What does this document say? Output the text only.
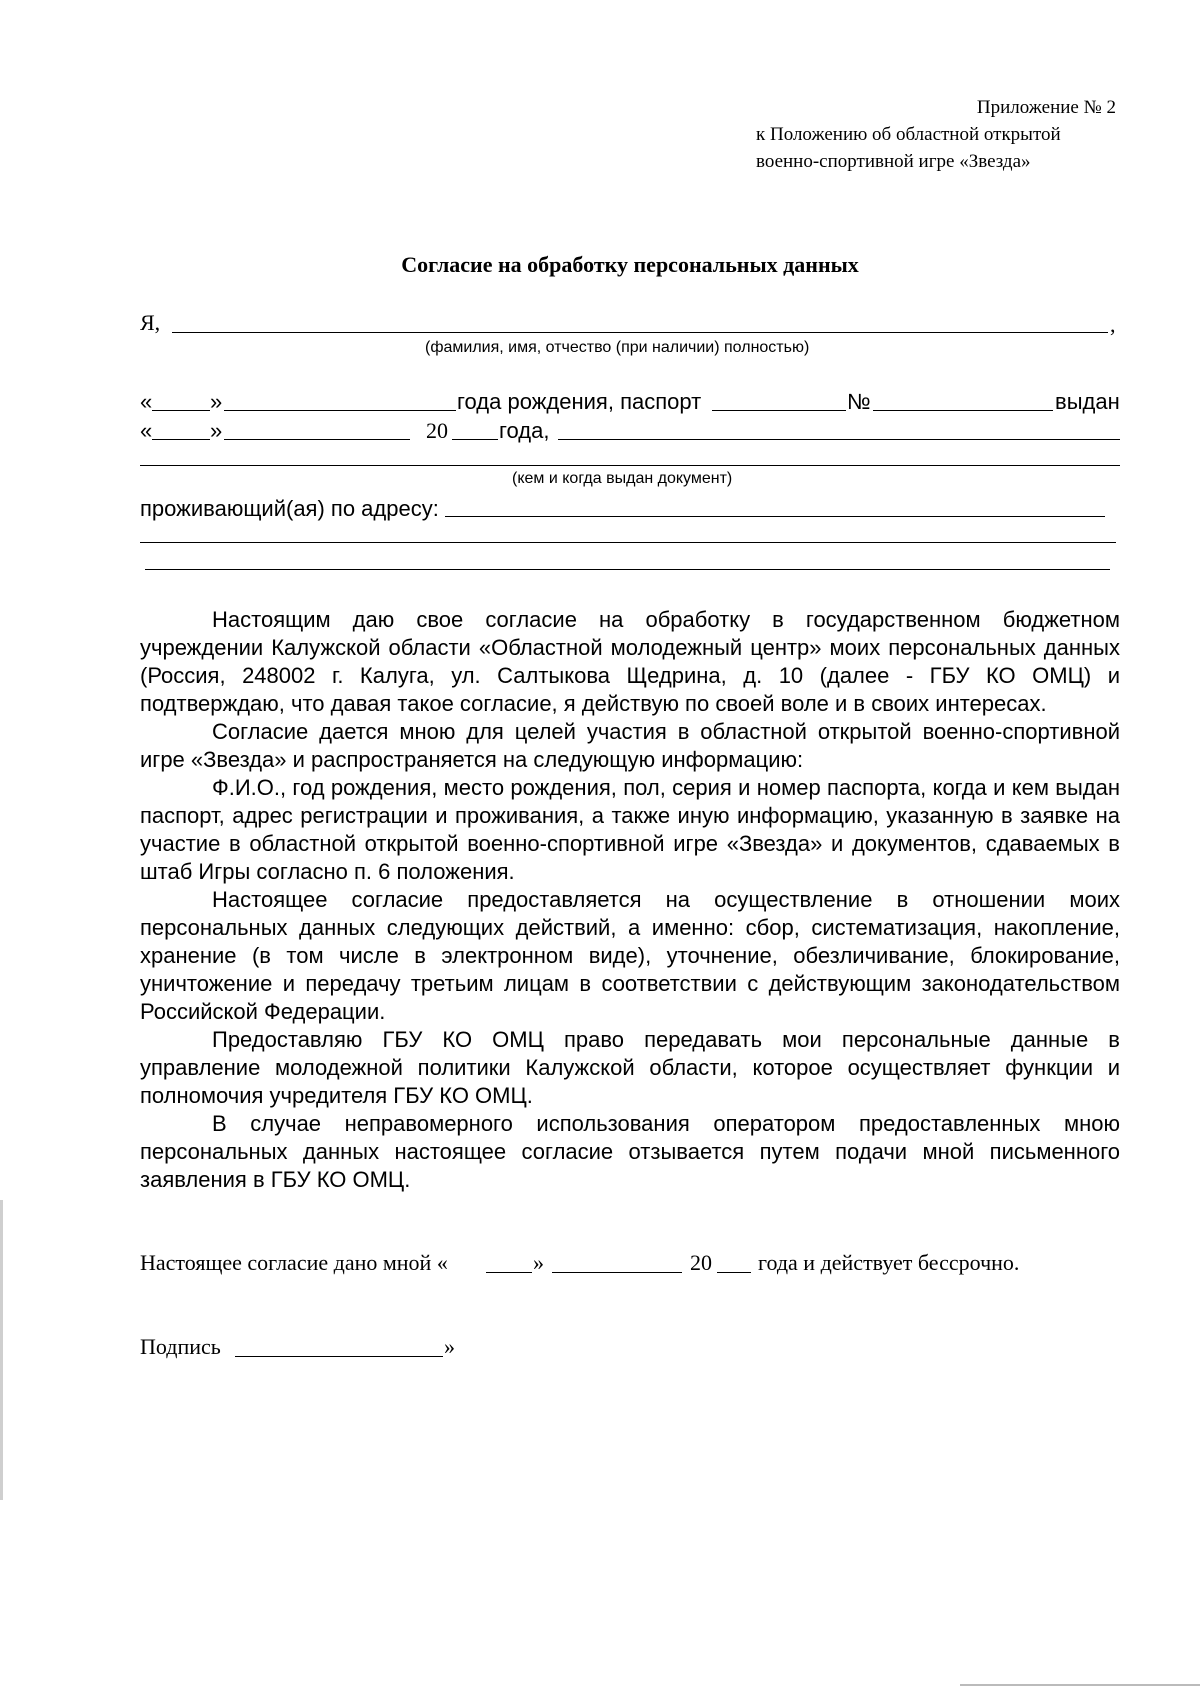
Приложение № 2
к Положению об областной открытой
военно-спортивной игре «Звезда»
Согласие на обработку персональных данных
Я,	,
(фамилия, имя, отчество (при наличии) полностью)
«	»	года рождения, паспорт	№	выдан
«	»	20 года,
(кем и когда выдан документ)
проживающий(ая) по адресу:

Настоящим даю свое согласие на обработку в государственном бюджетном учреждении Калужской области «Областной молодежный центр» моих персональных данных (Россия, 248002 г. Калуга, ул. Салтыкова Щедрина, д. 10 (далее - ГБУ КО ОМЦ) и подтверждаю, что давая такое согласие, я действую по своей воле и в своих интересах.

Согласие дается мною для целей участия в областной открытой военно-спортивной игре «Звезда» и распространяется на следующую информацию:

Ф.И.О., год рождения, место рождения, пол, серия и номер паспорта, когда и кем выдан паспорт, адрес регистрации и проживания, а также иную информацию, указанную в заявке на участие в областной открытой военно-спортивной игре «Звезда» и документов, сдаваемых в штаб Игры согласно п. 6 положения.

Настоящее согласие предоставляется на осуществление в отношении моих персональных данных следующих действий, а именно: сбор, систематизация, накопление, хранение (в том числе в электронном виде), уточнение, обезличивание, блокирование, уничтожение и передачу третьим лицам в соответствии с действующим законодательством Российской Федерации.

Предоставляю ГБУ КО ОМЦ право передавать мои персональные данные в управление молодежной политики Калужской области, которое осуществляет функции и полномочия учредителя ГБУ КО ОМЦ.

В случае неправомерного использования оператором предоставленных мною персональных данных настоящее согласие отзывается путем подачи мной письменного заявления в ГБУ КО ОМЦ.

Настоящее согласие дано мной «	»	20 года и действует бессрочно.
Подпись	»
